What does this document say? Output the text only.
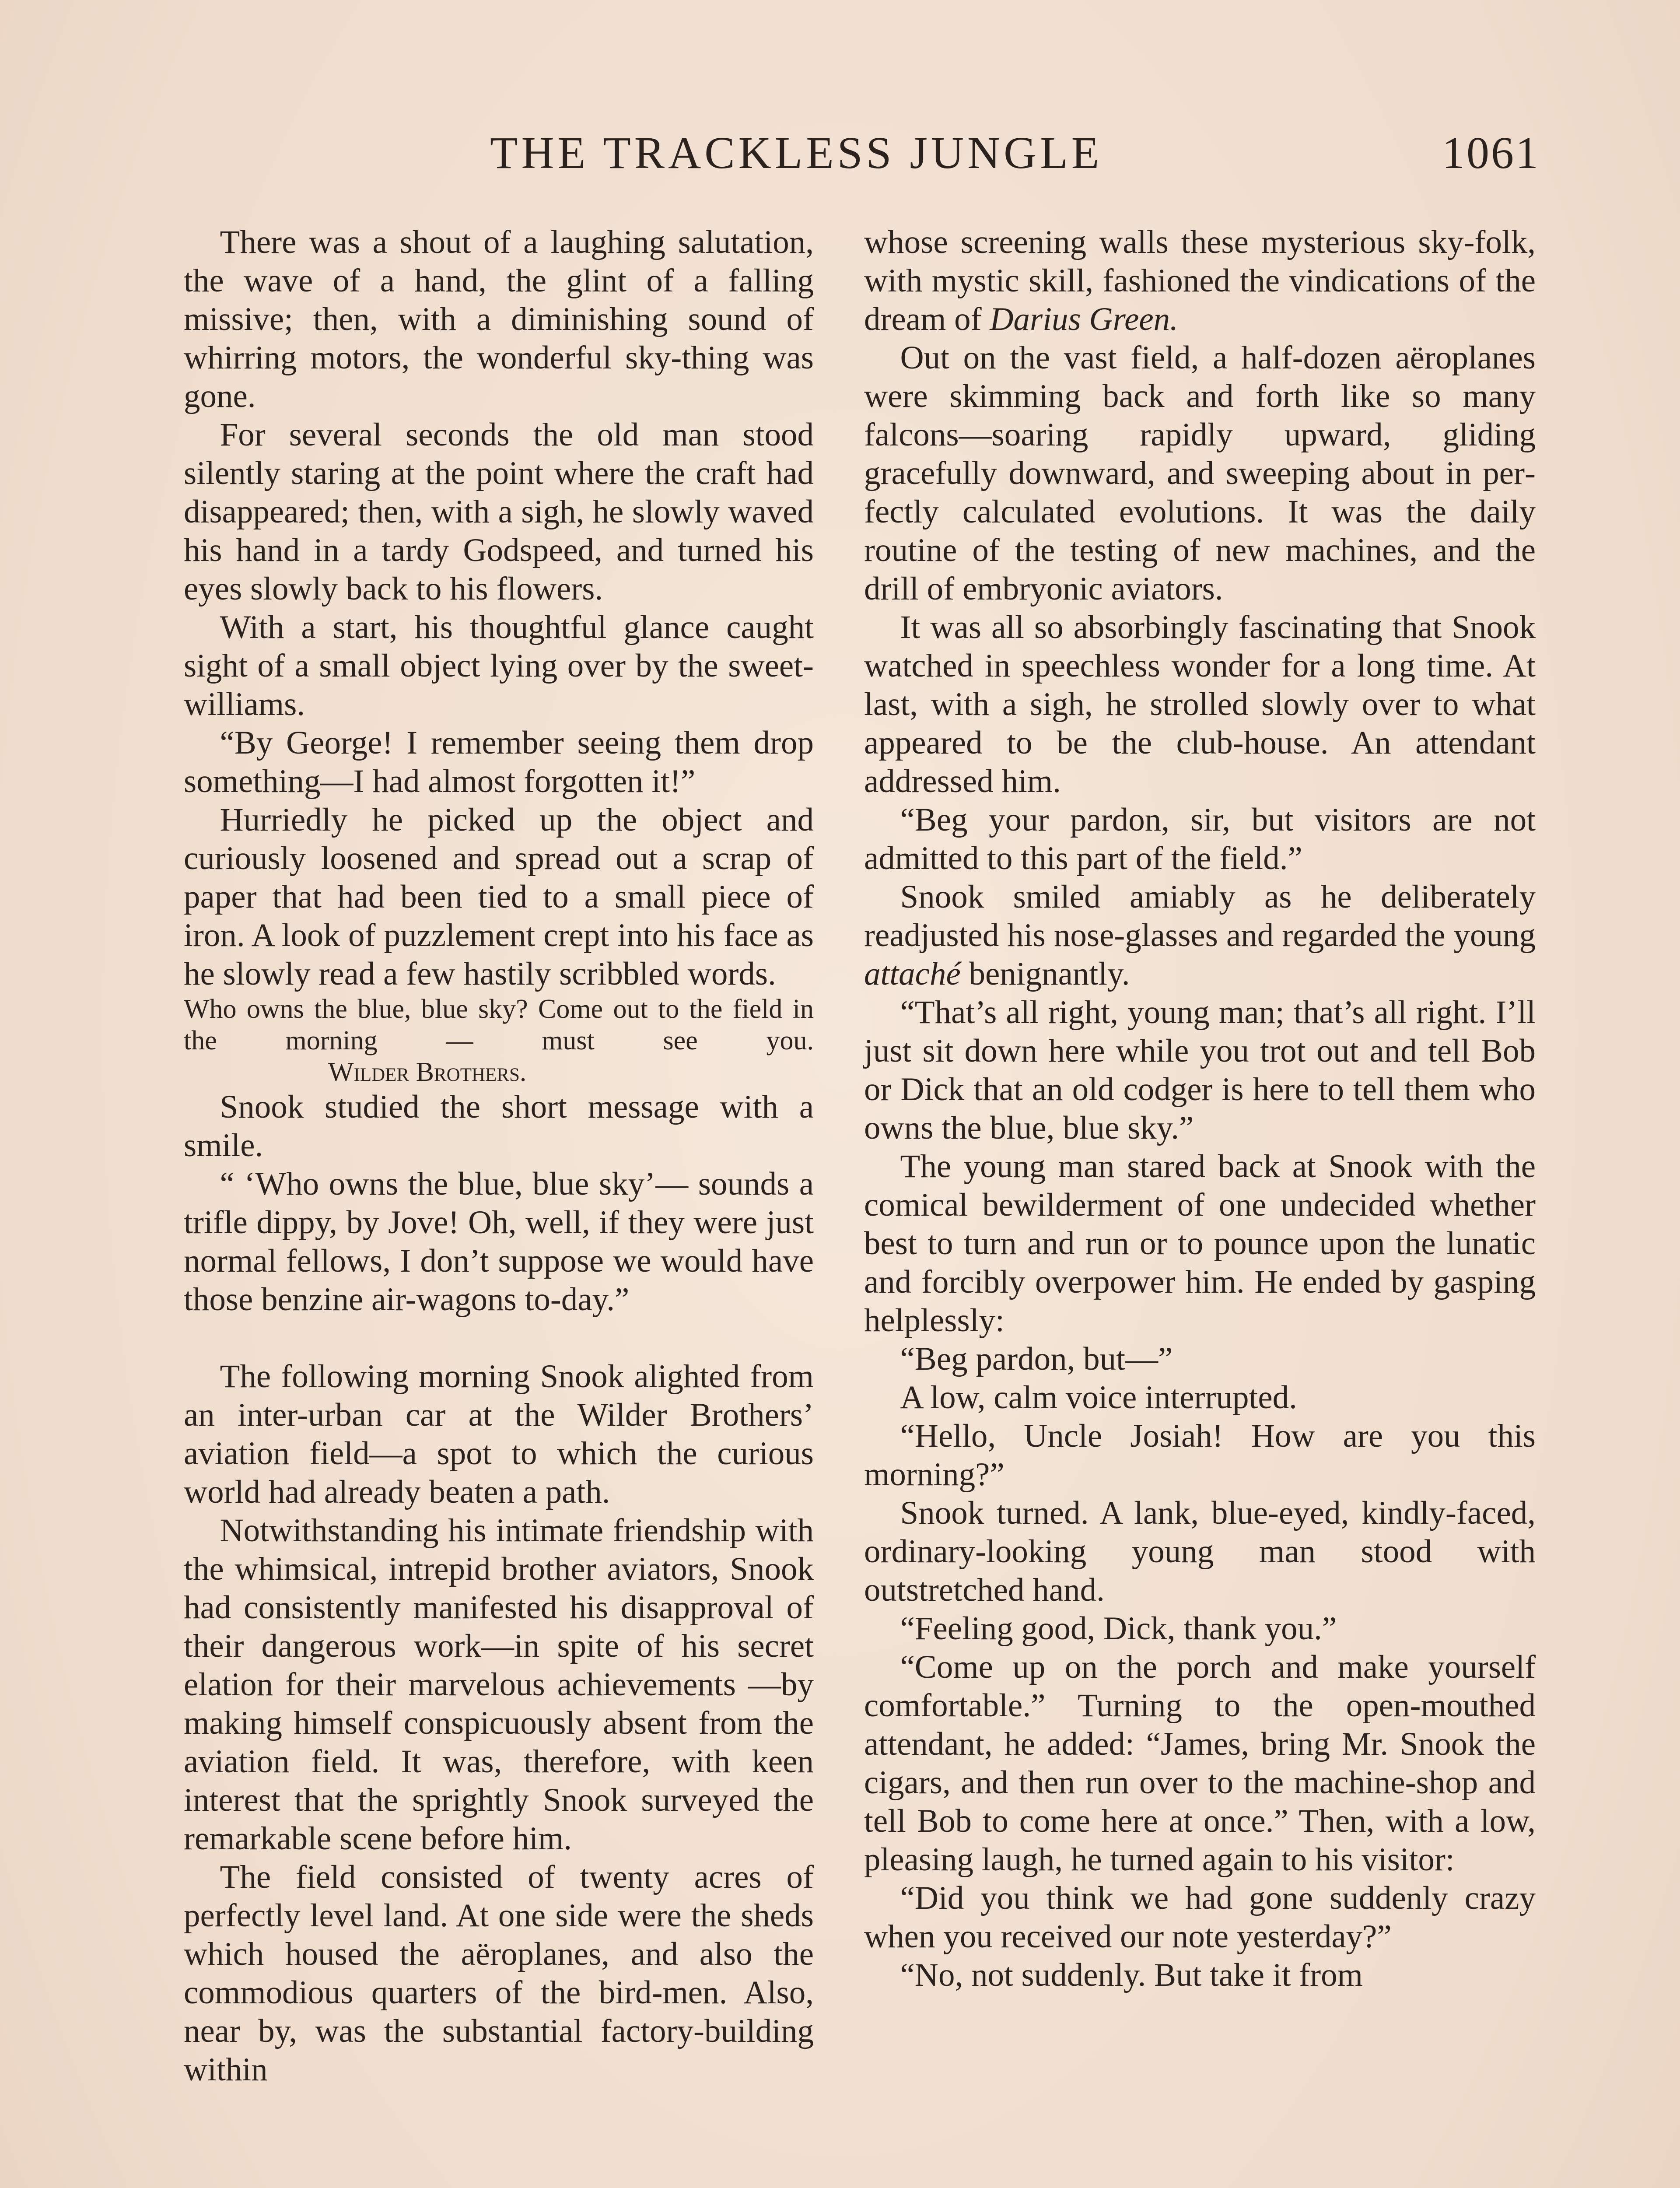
THE TRACKLESS JUNGLE	1061

There was a shout of a laughing salutation, the wave of a hand, the glint of a falling missive; then, with a diminishing sound of whirring motors, the wonderful sky-thing was gone.

For several seconds the old man stood silently staring at the point where the craft had disappeared; then, with a sigh, he slowly waved his hand in a tardy Godspeed, and turned his eyes slowly back to his flowers.

With a start, his thoughtful glance caught sight of a small object lying over by the sweet-williams.

“By George! I remember seeing them drop something—I had almost forgotten it!”

Hurriedly he picked up the object and curiously loosened and spread out a scrap of paper that had been tied to a small piece of iron. A look of puzzlement crept into his face as he slowly read a few hastily scribbled words.

Who owns the blue, blue sky? Come out to the field in the morning — must see you. Wilder Brothers.

Snook studied the short message with a smile.

“ ‘Who owns the blue, blue sky’— sounds a trifle dippy, by Jove! Oh, well, if they were just normal fellows, I don’t suppose we would have those benzine air-wagons to-day.”

The following morning Snook alighted from an inter-urban car at the Wilder Brothers’ aviation field—a spot to which the curious world had already beaten a path.

Notwithstanding his intimate friendship with the whimsical, intrepid brother aviators, Snook had consistently manifested his disapproval of their dangerous work—in spite of his secret elation for their marvelous achievements —by making himself conspicuously absent from the aviation field. It was, therefore, with keen interest that the sprightly Snook surveyed the remarkable scene before him.

The field consisted of twenty acres of perfectly level land. At one side were the sheds which housed the aëroplanes, and also the commodious quarters of the bird-men. Also, near by, was the substantial factory-building within

whose screening walls these mysterious sky-folk, with mystic skill, fashioned the vindications of the dream of Darius Green.

Out on the vast field, a half-dozen aëroplanes were skimming back and forth like so many falcons—soaring rapidly upward, gliding gracefully downward, and sweeping about in perfectly calculated evolutions. It was the daily routine of the testing of new machines, and the drill of embryonic aviators.

It was all so absorbingly fascinating that Snook watched in speechless wonder for a long time. At last, with a sigh, he strolled slowly over to what appeared to be the club-house. An attendant addressed him.

“Beg your pardon, sir, but visitors are not admitted to this part of the field.”

Snook smiled amiably as he deliberately readjusted his nose-glasses and regarded the young attaché benignantly.

“That’s all right, young man; that’s all right. I’ll just sit down here while you trot out and tell Bob or Dick that an old codger is here to tell them who owns the blue, blue sky.”

The young man stared back at Snook with the comical bewilderment of one undecided whether best to turn and run or to pounce upon the lunatic and forcibly overpower him. He ended by gasping helplessly:

“Beg pardon, but—”

A low, calm voice interrupted.

“Hello, Uncle Josiah! How are you this morning?”

Snook turned. A lank, blue-eyed, kindly-faced, ordinary-looking young man stood with outstretched hand.

“Feeling good, Dick, thank you.”

“Come up on the porch and make yourself comfortable.” Turning to the open-mouthed attendant, he added: “James, bring Mr. Snook the cigars, and then run over to the machine-shop and tell Bob to come here at once.” Then, with a low, pleasing laugh, he turned again to his visitor:

“Did you think we had gone suddenly crazy when you received our note yesterday?”

“No, not suddenly. But take it from
